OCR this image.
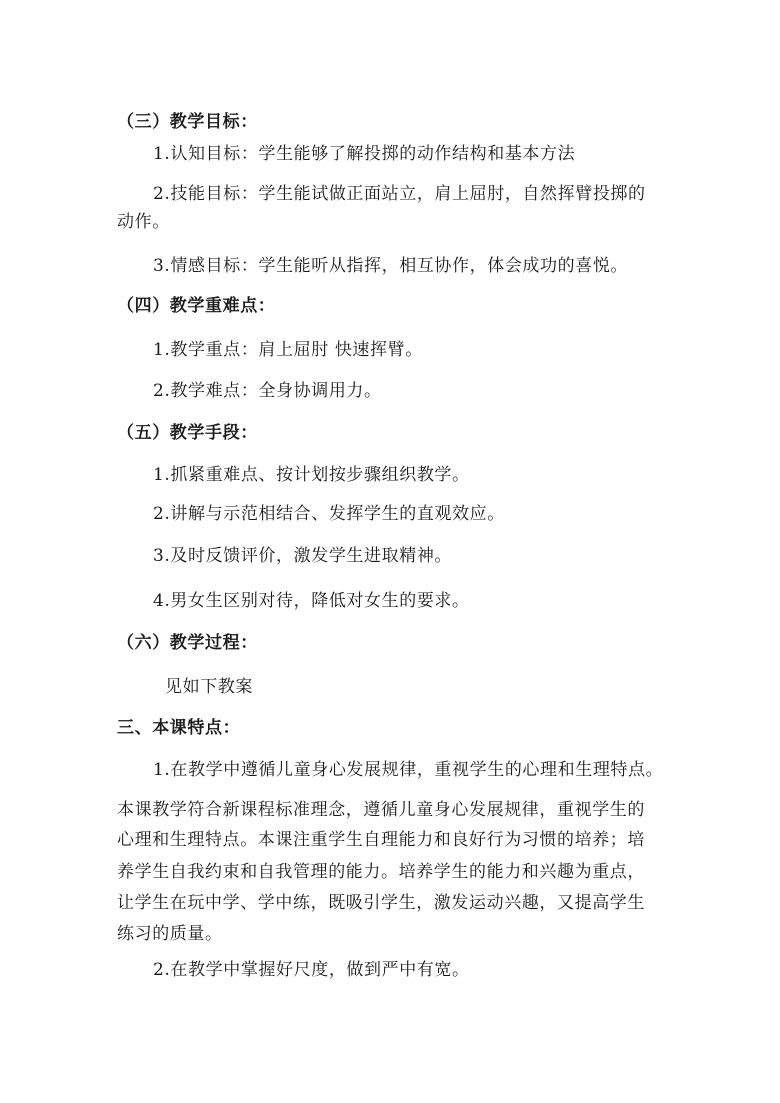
（三）教学目标：
1.认知目标：学生能够了解投掷的动作结构和基本方法
2.技能目标：学生能试做正面站立，肩上屈肘，自然挥臂投掷的
动作。
3.情感目标：学生能听从指挥，相互协作，体会成功的喜悦。
（四）教学重难点：
1.教学重点：肩上屈肘 快速挥臂。
2.教学难点：全身协调用力。
（五）教学手段：
1.抓紧重难点、按计划按步骤组织教学。
2.讲解与示范相结合、发挥学生的直观效应。
3.及时反馈评价，激发学生进取精神。
4.男女生区别对待，降低对女生的要求。
（六）教学过程：
见如下教案
三、本课特点：
1.在教学中遵循儿童身心发展规律，重视学生的心理和生理特点。
本课教学符合新课程标准理念，遵循儿童身心发展规律，重视学生的
心理和生理特点。本课注重学生自理能力和良好行为习惯的培养；培
养学生自我约束和自我管理的能力。培养学生的能力和兴趣为重点，
让学生在玩中学、学中练，既吸引学生，激发运动兴趣，又提高学生
练习的质量。
2.在教学中掌握好尺度，做到严中有宽。
